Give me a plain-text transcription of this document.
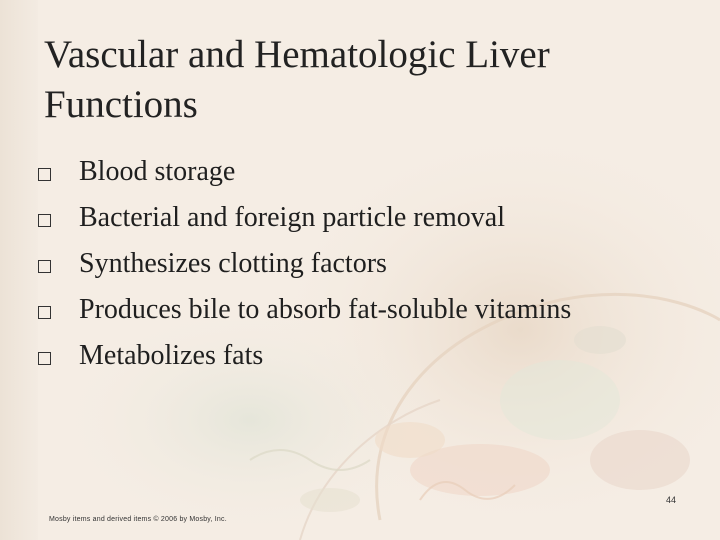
Vascular and Hematologic Liver Functions
Blood storage
Bacterial and foreign particle removal
Synthesizes clotting factors
Produces bile to absorb fat-soluble vitamins
Metabolizes fats
44
Mosby items and derived items © 2006 by Mosby, Inc.
